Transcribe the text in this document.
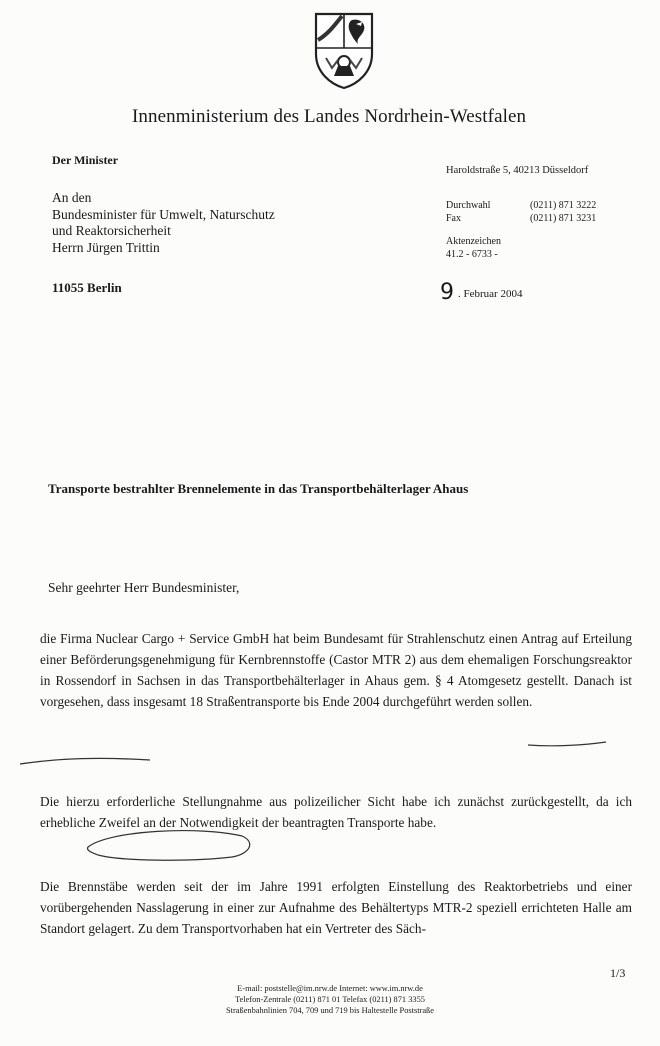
Innenministerium des Landes Nordrhein-Westfalen
Der Minister
An den
Bundesminister für Umwelt, Naturschutz
und Reaktorsicherheit
Herrn Jürgen Trittin
11055 Berlin
Haroldstraße 5, 40213 Düsseldorf
Durchwahl	(0211) 871 3222
Fax	(0211) 871 3231
Aktenzeichen
41.2 - 6733 -
9 . Februar 2004
Transporte bestrahlter Brennelemente in das Transportbehälterlager Ahaus
Sehr geehrter Herr Bundesminister,
die Firma Nuclear Cargo + Service GmbH hat beim Bundesamt für Strahlenschutz einen Antrag auf Erteilung einer Beförderungsgenehmigung für Kernbrennstoffe (Castor MTR 2) aus dem ehemaligen Forschungsreaktor in Rossendorf in Sachsen in das Transportbehälterlager in Ahaus gem. § 4 Atomgesetz gestellt. Danach ist vorgesehen, dass insgesamt 18 Straßentransporte bis Ende 2004 durchgeführt werden sollen.
Die hierzu erforderliche Stellungnahme aus polizeilicher Sicht habe ich zunächst zurückgestellt, da ich erhebliche Zweifel an der Notwendigkeit der beantragten Transporte habe.
Die Brennstäbe werden seit der im Jahre 1991 erfolgten Einstellung des Reaktorbetriebs und einer vorübergehenden Nasslagerung in einer zur Aufnahme des Behältertyps MTR-2 speziell errichteten Halle am Standort gelagert. Zu dem Transportvorhaben hat ein Vertreter des Säch-
1/3
E-mail: poststelle@im.nrw.de Internet: www.im.nrw.de
Telefon-Zentrale (0211) 871 01 Telefax (0211) 871 3355
Straßenbahnlinien 704, 709 und 719 bis Haltestelle Poststraße
